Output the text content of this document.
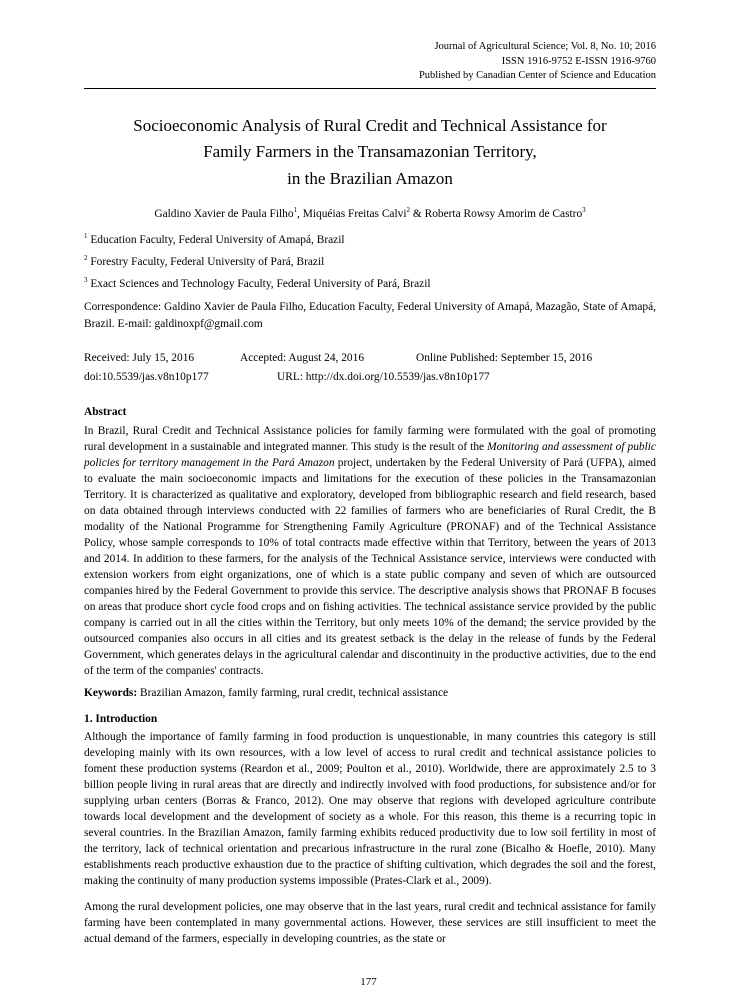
Journal of Agricultural Science; Vol. 8, No. 10; 2016
ISSN 1916-9752 E-ISSN 1916-9760
Published by Canadian Center of Science and Education
Socioeconomic Analysis of Rural Credit and Technical Assistance for
Family Farmers in the Transamazonian Territory,
in the Brazilian Amazon
Galdino Xavier de Paula Filho$^1$, Miquéias Freitas Calvi$^2$ & Roberta Rowsy Amorim de Castro$^3$
$^1$ Education Faculty, Federal University of Amapá, Brazil
$^2$ Forestry Faculty, Federal University of Pará, Brazil
$^3$ Exact Sciences and Technology Faculty, Federal University of Pará, Brazil

Correspondence: Galdino Xavier de Paula Filho, Education Faculty, Federal University of Amapá, Mazagão, State of Amapá, Brazil. E-mail: galdinoxpf@gmail.com

Received: July 15, 2016	Accepted: August 24, 2016	Online Published: September 15, 2016
doi:10.5539/jas.v8n10p177	URL: http://dx.doi.org/10.5539/jas.v8n10p177
Abstract

In Brazil, Rural Credit and Technical Assistance policies for family farming were formulated with the goal of promoting rural development in a sustainable and integrated manner. This study is the result of the Monitoring and assessment of public policies for territory management in the Pará Amazon project, undertaken by the Federal University of Pará (UFPA), aimed to evaluate the main socioeconomic impacts and limitations for the execution of these policies in the Transamazonian Territory. It is characterized as qualitative and exploratory, developed from bibliographic research and field research, based on data obtained through interviews conducted with 22 families of farmers who are beneficiaries of Rural Credit, the B modality of the National Programme for Strengthening Family Agriculture (PRONAF) and of the Technical Assistance Policy, whose sample corresponds to 10% of total contracts made effective within that Territory, between the years of 2013 and 2014. In addition to these farmers, for the analysis of the Technical Assistance service, interviews were conducted with extension workers from eight organizations, one of which is a state public company and seven of which are outsourced companies hired by the Federal Government to provide this service. The descriptive analysis shows that PRONAF B focuses on areas that produce short cycle food crops and on fishing activities. The technical assistance service provided by the public company is carried out in all the cities within the Territory, but only meets 10% of the demand; the service provided by the outsourced companies also occurs in all cities and its greatest setback is the delay in the release of funds by the Federal Government, which generates delays in the agricultural calendar and discontinuity in the productive activities, due to the end of the term of the companies' contracts.

Keywords: Brazilian Amazon, family farming, rural credit, technical assistance

1. Introduction

Although the importance of family farming in food production is unquestionable, in many countries this category is still developing mainly with its own resources, with a low level of access to rural credit and technical assistance policies to foment these production systems (Reardon et al., 2009; Poulton et al., 2010). Worldwide, there are approximately 2.5 to 3 billion people living in rural areas that are directly and indirectly involved with food productions, for subsistence and/or for supplying urban centers (Borras & Franco, 2012). One may observe that regions with developed agriculture contribute towards local development and the development of society as a whole. For this reason, this theme is a recurring topic in several countries. In the Brazilian Amazon, family farming exhibits reduced productivity due to low soil fertility in most of the territory, lack of technical orientation and precarious infrastructure in the rural zone (Bicalho & Hoefle, 2010). Many establishments reach productive exhaustion due to the practice of shifting cultivation, which degrades the soil and the forest, making the continuity of many production systems impossible (Prates-Clark et al., 2009).

Among the rural development policies, one may observe that in the last years, rural credit and technical assistance for family farming have been contemplated in many governmental actions. However, these services are still insufficient to meet the actual demand of the farmers, especially in developing countries, as the state or

177
